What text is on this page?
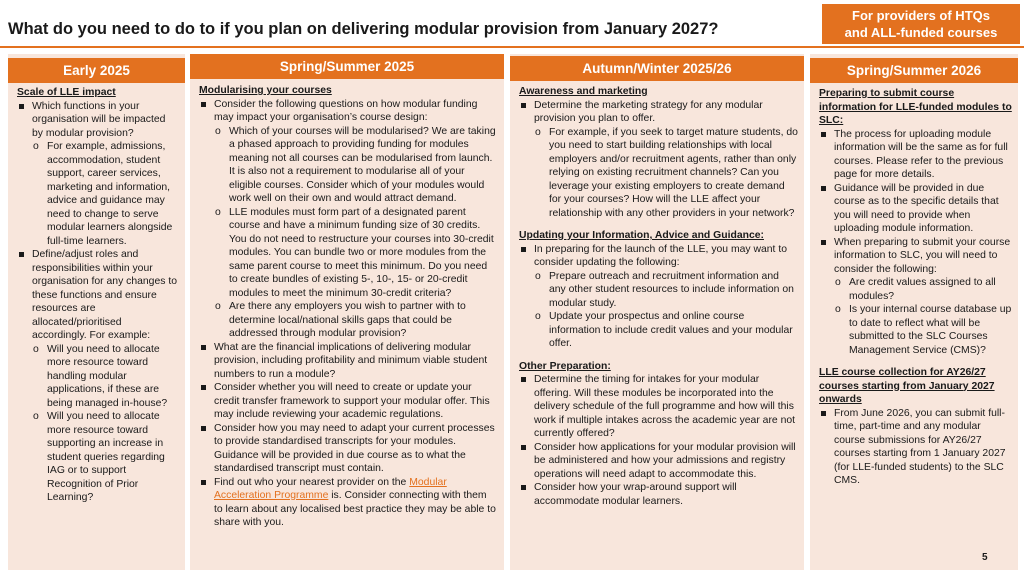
What do you need to do to if you plan on delivering modular provision from January 2027?
For providers of HTQs
and ALL-funded courses
Early 2025
Scale of LLE impact
Which functions in your organisation will be impacted by modular provision?
o For example, admissions, accommodation, student support, career services, marketing and information, advice and guidance may need to change to serve modular learners alongside full-time learners.
Define/adjust roles and responsibilities within your organisation for any changes to these functions and ensure resources are allocated/prioritised accordingly. For example:
o Will you need to allocate more resource toward handling modular applications, if these are being managed in-house?
o Will you need to allocate more resource toward supporting an increase in student queries regarding IAG or to support Recognition of Prior Learning?
Spring/Summer 2025
Modularising your courses
Consider the following questions on how modular funding may impact your organisation’s course design:
o Which of your courses will be modularised? We are taking a phased approach to providing funding for modules meaning not all courses can be modularised from launch. It is also not a requirement to modularise all of your eligible courses. Consider which of your modules would work well on their own and would attract demand.
o LLE modules must form part of a designated parent course and have a minimum funding size of 30 credits. You do not need to restructure your courses into 30-credit modules. You can bundle two or more modules from the same parent course to meet this minimum. Do you need to create bundles of existing 5-, 10-, 15- or 20-credit modules to meet the minimum 30-credit criteria?
o Are there any employers you wish to partner with to determine local/national skills gaps that could be addressed through modular provision?
What are the financial implications of delivering modular provision, including profitability and minimum viable student numbers to run a module?
Consider whether you will need to create or update your credit transfer framework to support your modular offer. This may include reviewing your academic regulations.
Consider how you may need to adapt your current processes to provide standardised transcripts for your modules. Guidance will be provided in due course as to what the standardised transcript must contain.
Find out who your nearest provider on the Modular Acceleration Programme is. Consider connecting with them to learn about any localised best practice they may be able to share with you.
Autumn/Winter 2025/26
Awareness and marketing
Determine the marketing strategy for any modular provision you plan to offer.
o For example, if you seek to target mature students, do you need to start building relationships with local employers and/or recruitment agents, rather than only relying on existing recruitment channels? Can you leverage your existing employers to create demand for your courses? How will the LLE affect your relationship with any other providers in your network?
Updating your Information, Advice and Guidance:
In preparing for the launch of the LLE, you may want to consider updating the following:
o Prepare outreach and recruitment information and any other student resources to include information on modular study.
o Update your prospectus and online course information to include credit values and your modular offer.
Other Preparation:
Determine the timing for intakes for your modular offering. Will these modules be incorporated into the delivery schedule of the full programme and how will this work if multiple intakes across the academic year are not currently offered?
Consider how applications for your modular provision will be administered and how your admissions and registry operations will need adapt to accommodate this.
Consider how your wrap-around support will accommodate modular learners.
Spring/Summer 2026
Preparing to submit course information for LLE-funded modules to SLC:
The process for uploading module information will be the same as for full courses. Please refer to the previous page for more details.
Guidance will be provided in due course as to the specific details that you will need to provide when uploading module information.
When preparing to submit your course information to SLC, you will need to consider the following:
o Are credit values assigned to all modules?
o Is your internal course database up to date to reflect what will be submitted to the SLC Courses Management Service (CMS)?
LLE course collection for AY26/27 courses starting from January 2027 onwards
From June 2026, you can submit full-time, part-time and any modular course submissions for AY26/27 courses starting from 1 January 2027 (for LLE-funded students) to the SLC CMS.
5
